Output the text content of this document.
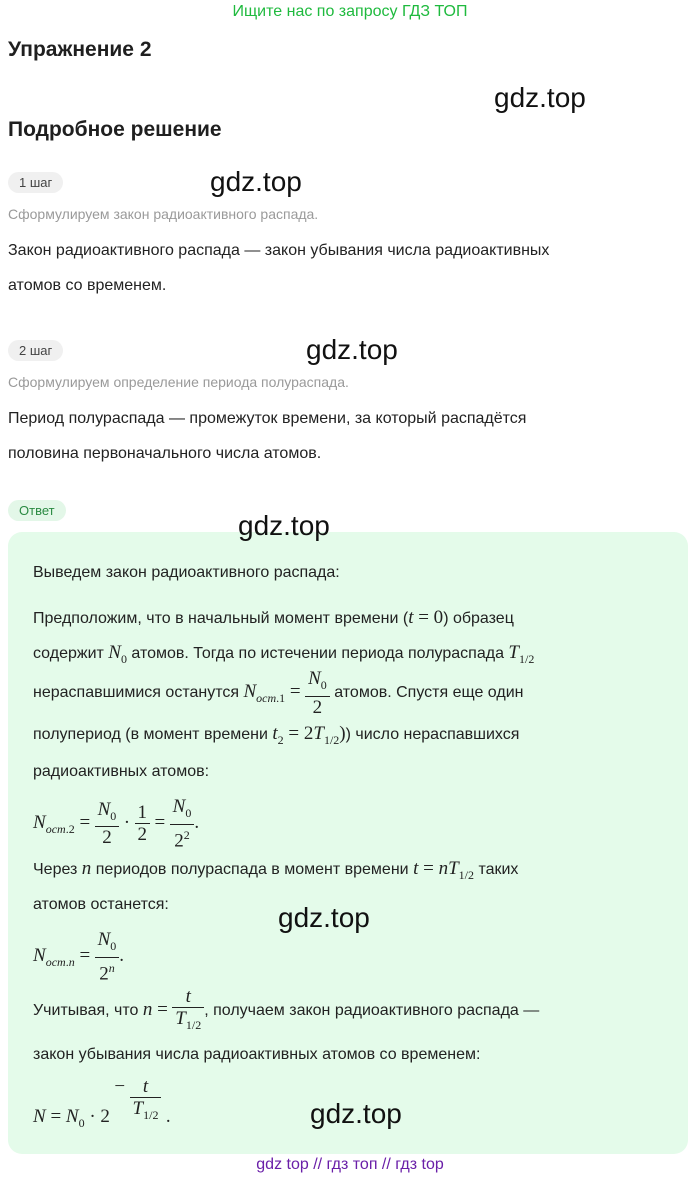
Ищите нас по запросу ГДЗ ТОП
Упражнение 2
gdz.top
Подробное решение
1 шаг	gdz.top
Сформулируем закон радиоактивного распада.
Закон радиоактивного распада — закон убывания числа радиоактивных
атомов со временем.
2 шаг	gdz.top
Сформулируем определение периода полураспада.
Период полураспада — промежуток времени, за который распадётся
половина первоначального числа атомов.
Ответ	gdz.top
Выведем закон радиоактивного распада:
Предположим, что в начальный момент времени (t = 0) образец
содержит $N_0$ атомов. Тогда по истечении периода полураспада $T_{1/2}$
нераспавшимися останутся $N_{ост.1} = \frac{N_0}{2}$ атомов. Спустя еще один
полупериод (в момент времени $t_2 = 2T_{1/2}$)) число нераспавшихся
радиоактивных атомов:
$N_{ост.2} = \frac{N_0}{2} \cdot \frac{1}{2} = \frac{N_0}{2^2}$ .
Через n периодов полураспада в момент времени $t = nT_{1/2}$ таких
атомов останется:	gdz.top
$N_{ост.n} = \frac{N_0}{2^n}$ .
Учитывая, что $n = \frac{t}{T_{1/2}}$ , получаем закон радиоактивного распада —
закон убывания числа радиоактивных атомов со временем:
$N = N_0 \cdot 2 - \frac{t}{T_{1/2}}$ .	gdz.top
gdz top // гдз топ // гдз top
